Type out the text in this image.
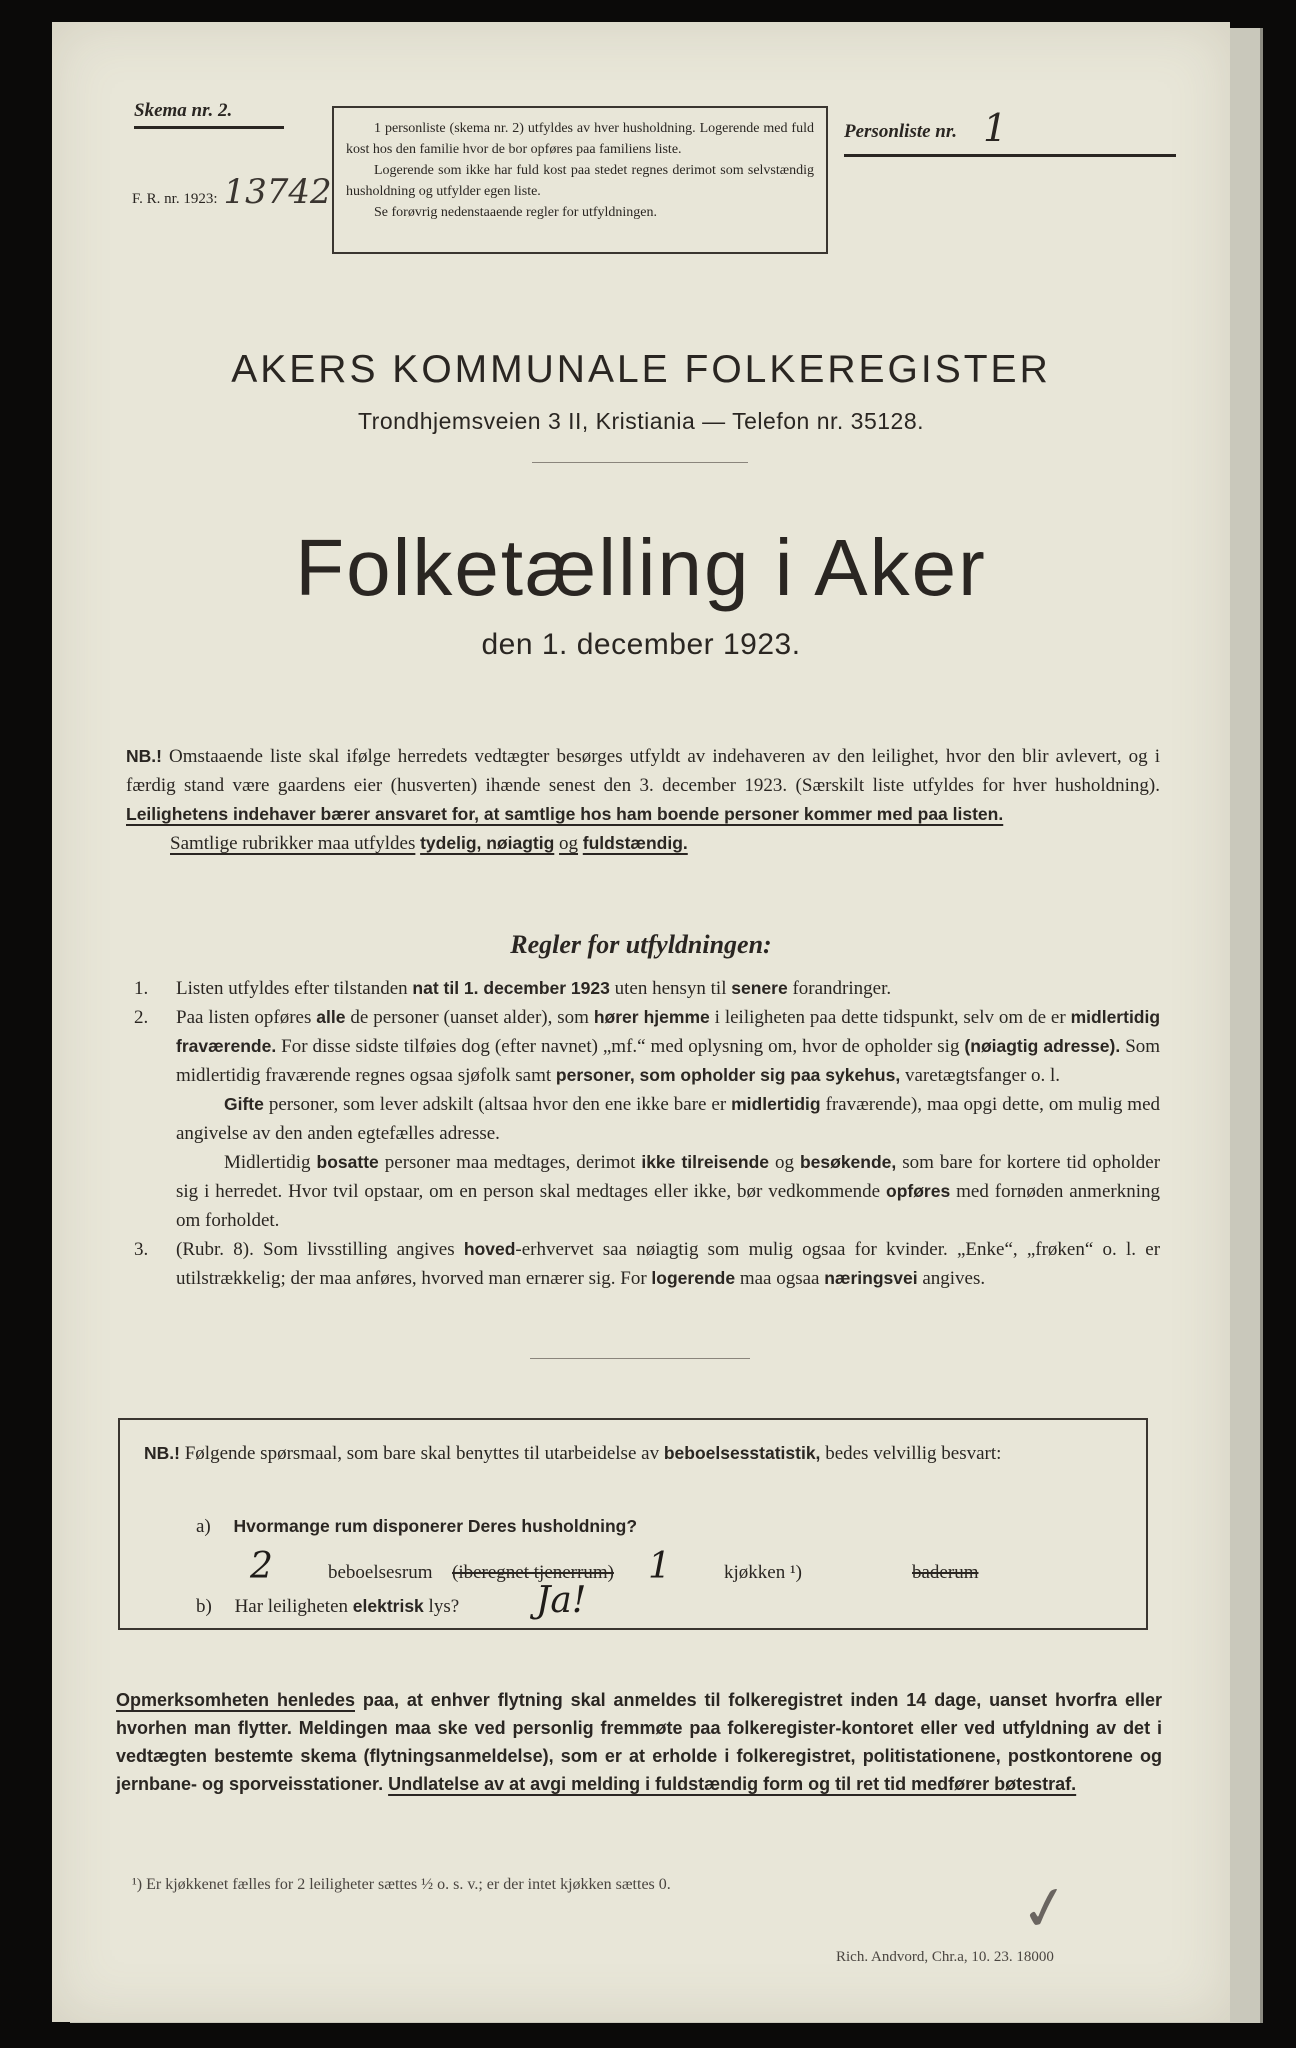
Skema nr. 2.
F. R. nr. 1923: 13742

1 personliste (skema nr. 2) utfyldes av hver husholdning. Logerende med fuld kost hos den familie hvor de bor opføres paa familiens liste.

Logerende som ikke har fuld kost paa stedet regnes derimot som selvstændig husholdning og utfylder egen liste.

Se forøvrig nedenstaaende regler for utfyldningen.

Personliste nr. 1
AKERS KOMMUNALE FOLKEREGISTER
Trondhjemsveien 3 II, Kristiania — Telefon nr. 35128.
Folketælling i Aker
den 1. december 1923.
NB.! Omstaaende liste skal ifølge herredets vedtægter besørges utfyldt av indehaveren av den leilighet, hvor den blir avlevert, og i færdig stand være gaardens eier (husverten) ihænde senest den 3. december 1923. (Særskilt liste utfyldes for hver husholdning). Leilighetens indehaver bærer ansvaret for, at samtlige hos ham boende personer kommer med paa listen.
Samtlige rubrikker maa utfyldes tydelig, nøiagtig og fuldstændig.
Regler for utfyldningen:

1. Listen utfyldes efter tilstanden nat til 1. december 1923 uten hensyn til senere forandringer.

2. Paa listen opføres alle de personer (uanset alder), som hører hjemme i leiligheten paa dette tidspunkt, selv om de er midlertidig fraværende. For disse sidste tilføies dog (efter navnet) „mf.“ med oplysning om, hvor de opholder sig (nøiagtig adresse). Som midlertidig fraværende regnes ogsaa sjøfolk samt personer, som opholder sig paa sykehus, varetægtsfanger o. l.

Gifte personer, som lever adskilt (altsaa hvor den ene ikke bare er midlertidig fraværende), maa opgi dette, om mulig med angivelse av den anden egtefælles adresse.

Midlertidig bosatte personer maa medtages, derimot ikke tilreisende og besøkende, som bare for kortere tid opholder sig i herredet. Hvor tvil opstaar, om en person skal medtages eller ikke, bør vedkommende opføres med fornøden anmerkning om forholdet.

3. (Rubr. 8). Som livsstilling angives hoved-erhvervet saa nøiagtig som mulig ogsaa for kvinder. „Enke“, „frøken“ o. l. er utilstrækkelig; der maa anføres, hvorved man ernærer sig. For logerende maa ogsaa næringsvei angives.

NB.! Følgende spørsmaal, som bare skal benyttes til utarbeidelse av beboelsesstatistik, bedes velvillig besvart:
a) Hvormange rum disponerer Deres husholdning?
2	beboelsesrum (iberegnet tjenerrum) 1	kjøkken ¹)	baderum
b) Har leiligheten elektrisk lys? Ja!
Opmerksomheten henledes paa, at enhver flytning skal anmeldes til folkeregistret inden 14 dage, uanset hvorfra eller hvorhen man flytter. Meldingen maa ske ved personlig fremmøte paa folkeregister-kontoret eller ved utfyldning av det i vedtægten bestemte skema (flytningsanmeldelse), som er at erholde i folkeregistret, politistationene, postkontorene og jernbane- og sporveisstationer. Undlatelse av at avgi melding i fuldstændig form og til ret tid medfører bøtestraf.
¹) Er kjøkkenet fælles for 2 leiligheter sættes ½ o. s. v.; er der intet kjøkken sættes 0.	✓
Rich. Andvord, Chr.a, 10. 23. 18000
